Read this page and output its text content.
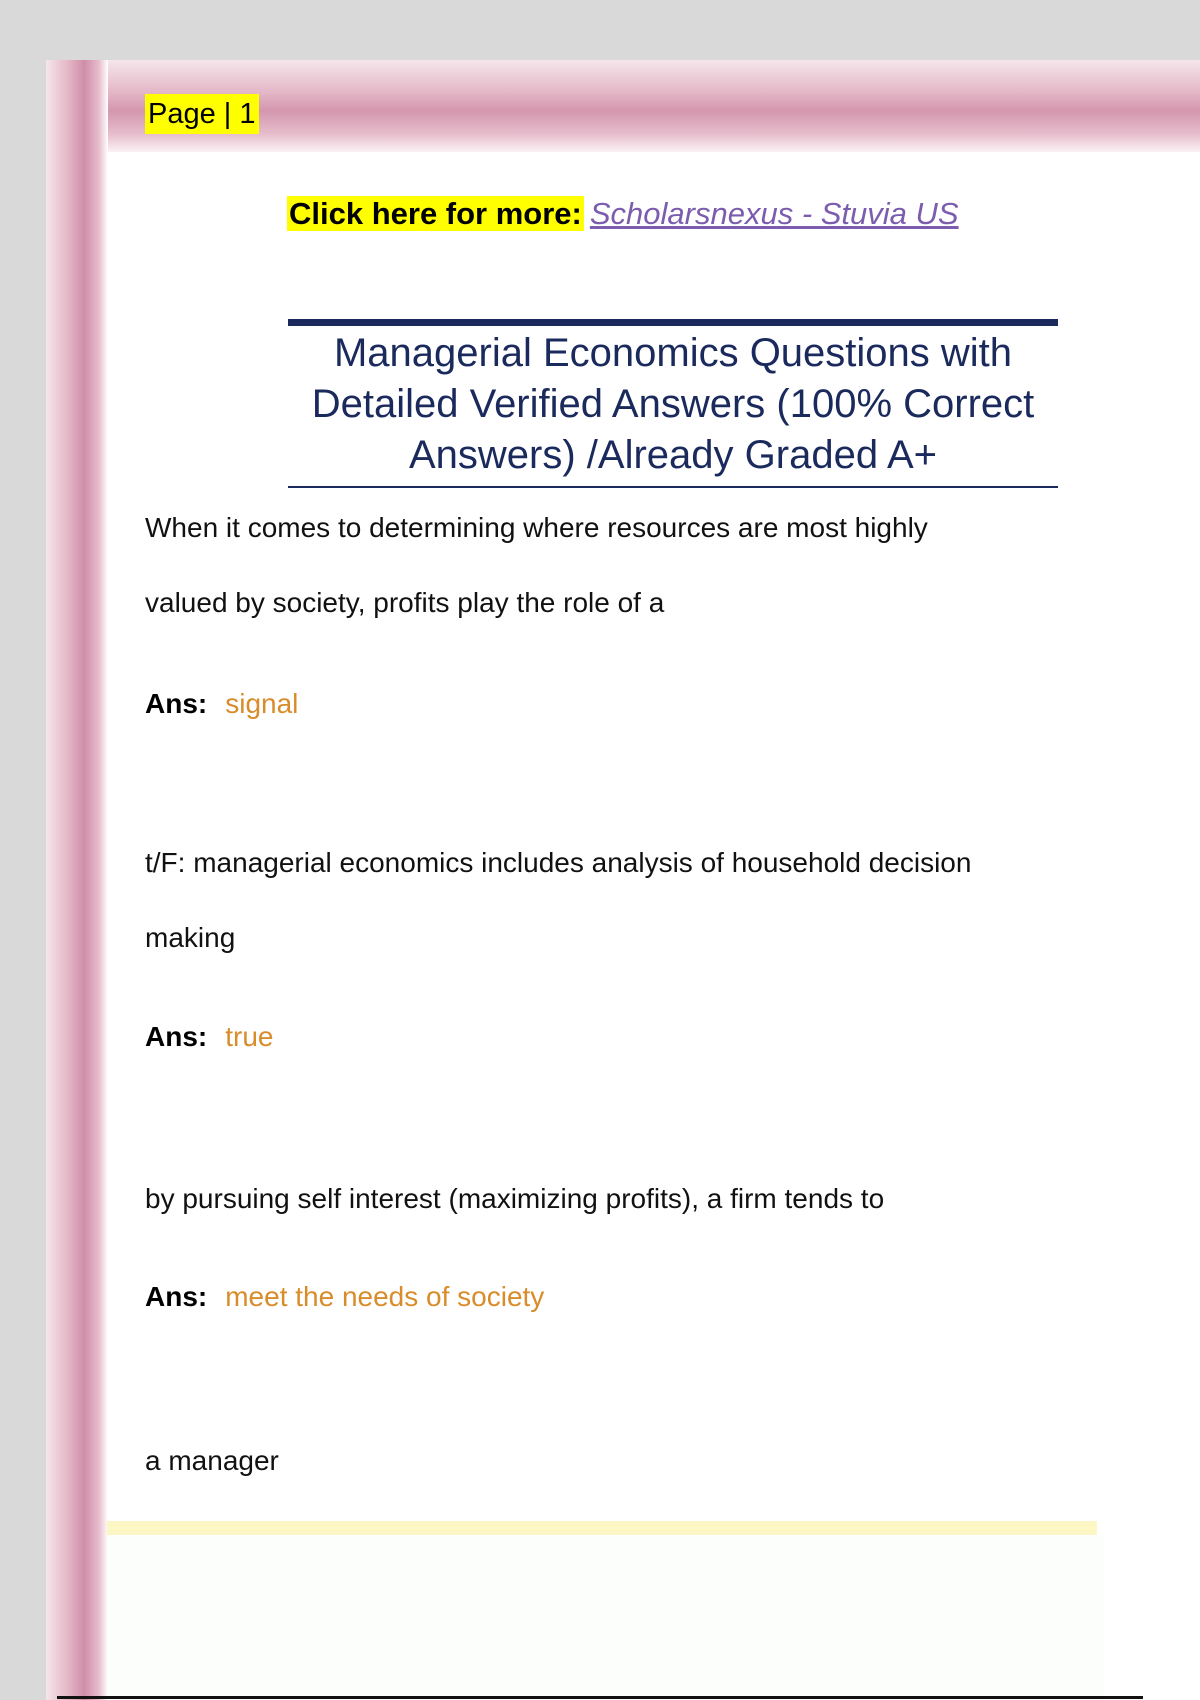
Page | 1
Click here for more: Scholarsnexus - Stuvia US
Managerial Economics Questions with
Detailed Verified Answers (100% Correct
Answers) /Already Graded A+
When it comes to determining where resources are most highly
valued by society, profits play the role of a
Ans: signal
t/F: managerial economics includes analysis of household decision
making
Ans: true
by pursuing self interest (maximizing profits), a firm tends to
Ans: meet the needs of society
a manager
